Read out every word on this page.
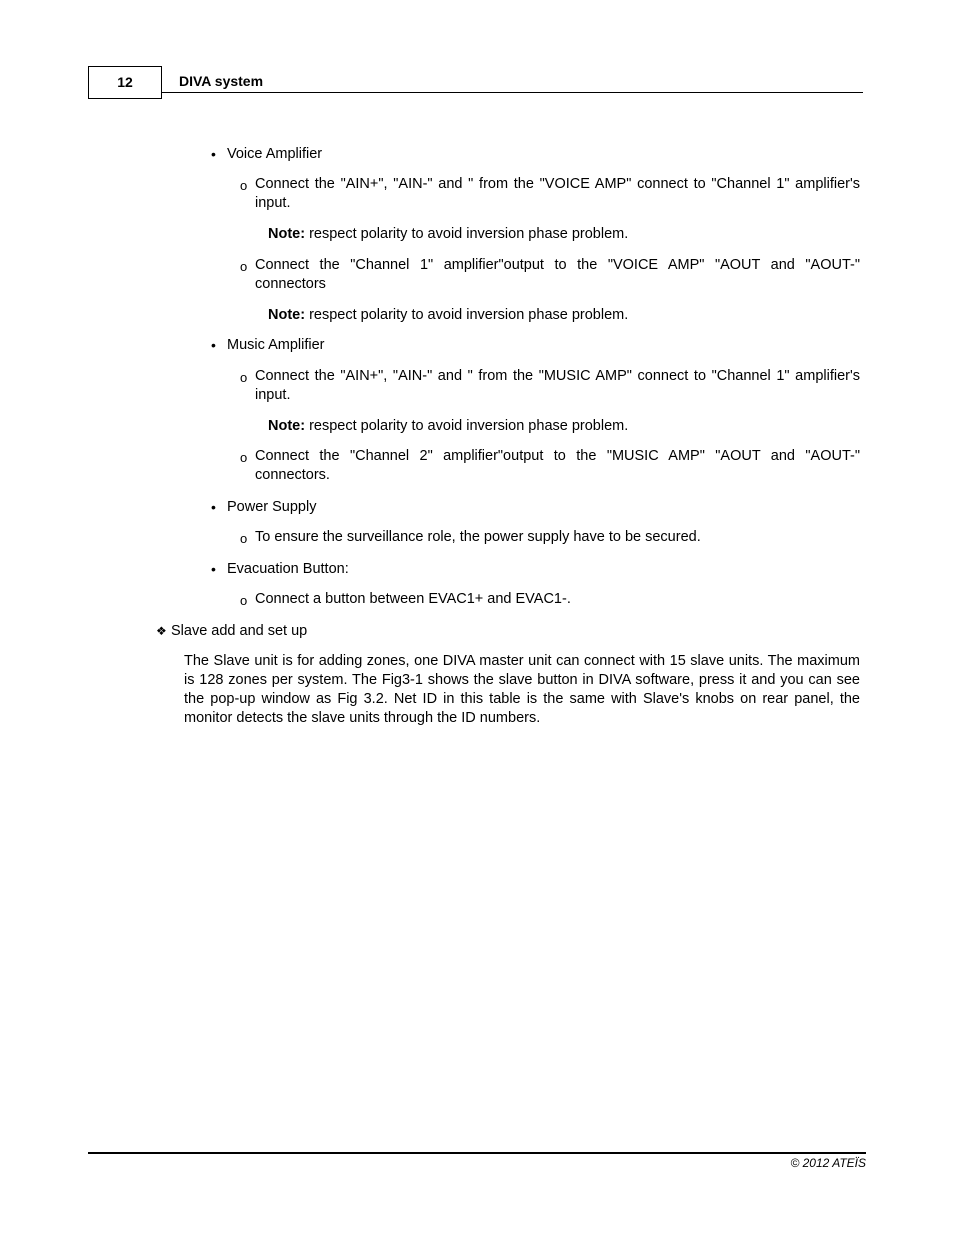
12	DIVA system
• Voice Amplifier
o Connect the "AIN+", "AIN-" and " from the "VOICE AMP" connect to "Channel 1" amplifier's input.
Note: respect polarity to avoid inversion phase problem.
o Connect the "Channel 1" amplifier"output to the "VOICE AMP" "AOUT and "AOUT-" connectors
Note: respect polarity to avoid inversion phase problem.
• Music Amplifier
o Connect the "AIN+", "AIN-" and " from the "MUSIC AMP" connect to "Channel 1" amplifier's input.
Note: respect polarity to avoid inversion phase problem.
o Connect the "Channel 2" amplifier"output to the "MUSIC AMP" "AOUT and "AOUT-" connectors.
• Power Supply
o To ensure the surveillance role, the power supply have to be secured.
• Evacuation Button:
o Connect a button between EVAC1+ and EVAC1-.
❖ Slave add and set up
The Slave unit is for adding zones, one DIVA master unit can connect with 15 slave units. The maximum is 128 zones per system. The Fig3-1 shows the slave button in DIVA software, press it and you can see the pop-up window as Fig 3.2. Net ID in this table is the same with Slave's knobs on rear panel, the monitor detects the slave units through the ID numbers.
© 2012 ATEÏS
